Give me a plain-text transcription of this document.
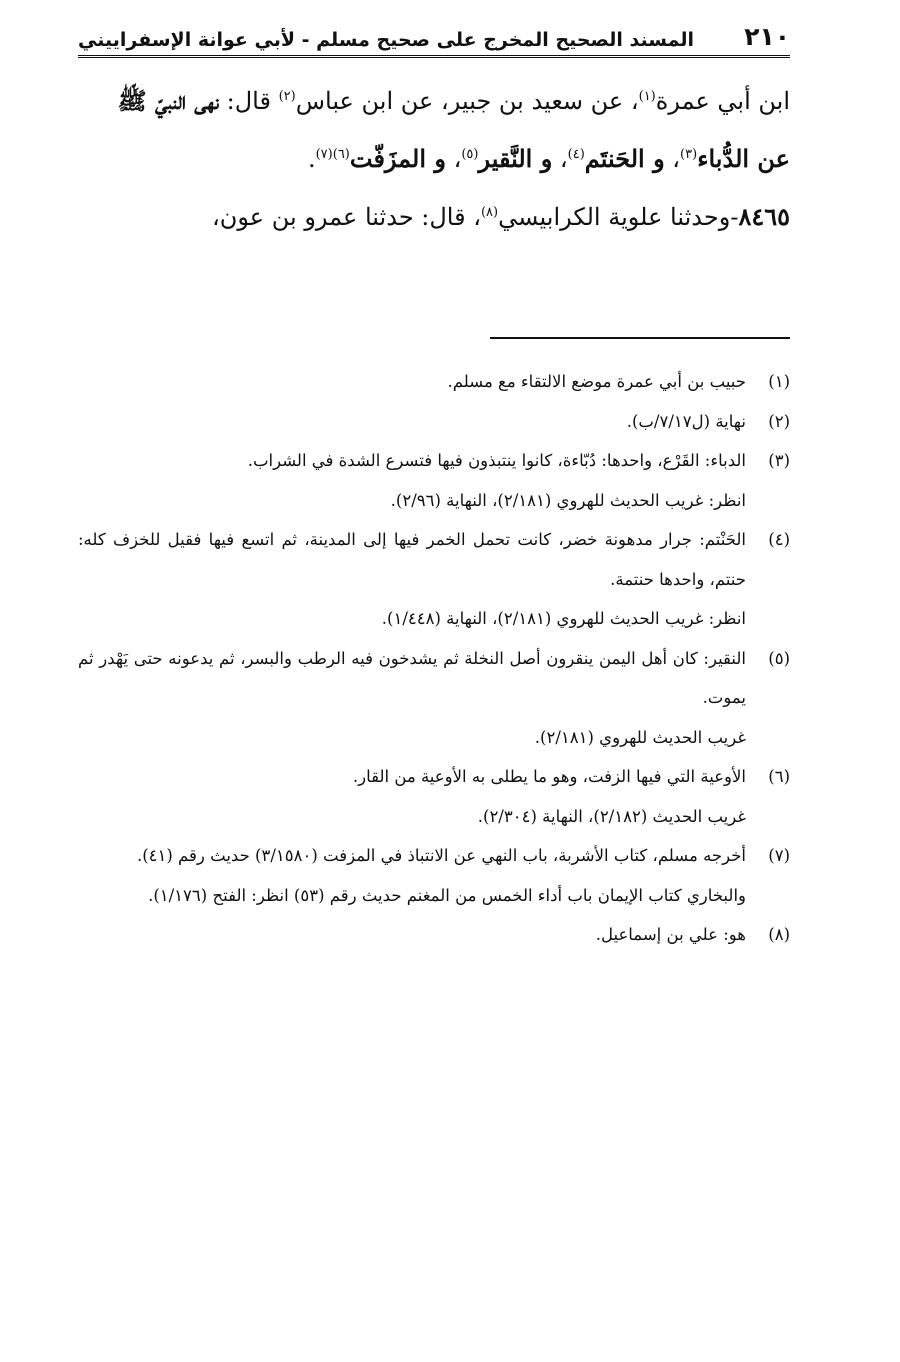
٢١٠
المسند الصحيح المخرج على صحيح مسلم - لأبي عوانة الإسفراييني

ابن أبي عمرة$^{(١)}$، عن سعيد بن جبير، عن ابن عباس$^{(٢)}$ قال: نهى النبيّ ﷺ

عن الدُّباء$^{(٣)}$، و الحَنتَم$^{(٤)}$، و النَّقير$^{(٥)}$، و المزَفّت$^{(٦)(٧)}$.

٨٤٦٥-وحدثنا علوية الكرابيسي$^{(٨)}$، قال: حدثنا عمرو بن عون،

(١)
حبيب بن أبي عمرة موضع الالتقاء مع مسلم.
(٢)
نهاية (ل٧/١٧/ب).
(٣)
الدباء: القَرْع، واحدها: دُبّاءة، كانوا ينتبذون فيها فتسرع الشدة في الشراب.
انظر: غريب الحديث للهروي (٢/١٨١)، النهاية (٢/٩٦).
(٤)
الحَنْتم: جرار مدهونة خضر، كانت تحمل الخمر فيها إلى المدينة، ثم اتسع فيها فقيل للخزف كله: حنتم، واحدها حنتمة.
انظر: غريب الحديث للهروي (٢/١٨١)، النهاية (١/٤٤٨).
(٥)
النقير: كان أهل اليمن ينقرون أصل النخلة ثم يشدخون فيه الرطب والبسر، ثم يدعونه حتى يَهْدر ثم يموت.
غريب الحديث للهروي (٢/١٨١).
(٦)
الأوعية التي فيها الزفت، وهو ما يطلى به الأوعية من القار.
غريب الحديث (٢/١٨٢)، النهاية (٢/٣٠٤).
(٧)
أخرجه مسلم، كتاب الأشربة، باب النهي عن الانتباذ في المزفت (٣/١٥٨٠) حديث رقم (٤١).
والبخاري كتاب الإيمان باب أداء الخمس من المغنم حديث رقم (٥٣) انظر: الفتح (١/١٧٦).
(٨)
هو: علي بن إسماعيل.
